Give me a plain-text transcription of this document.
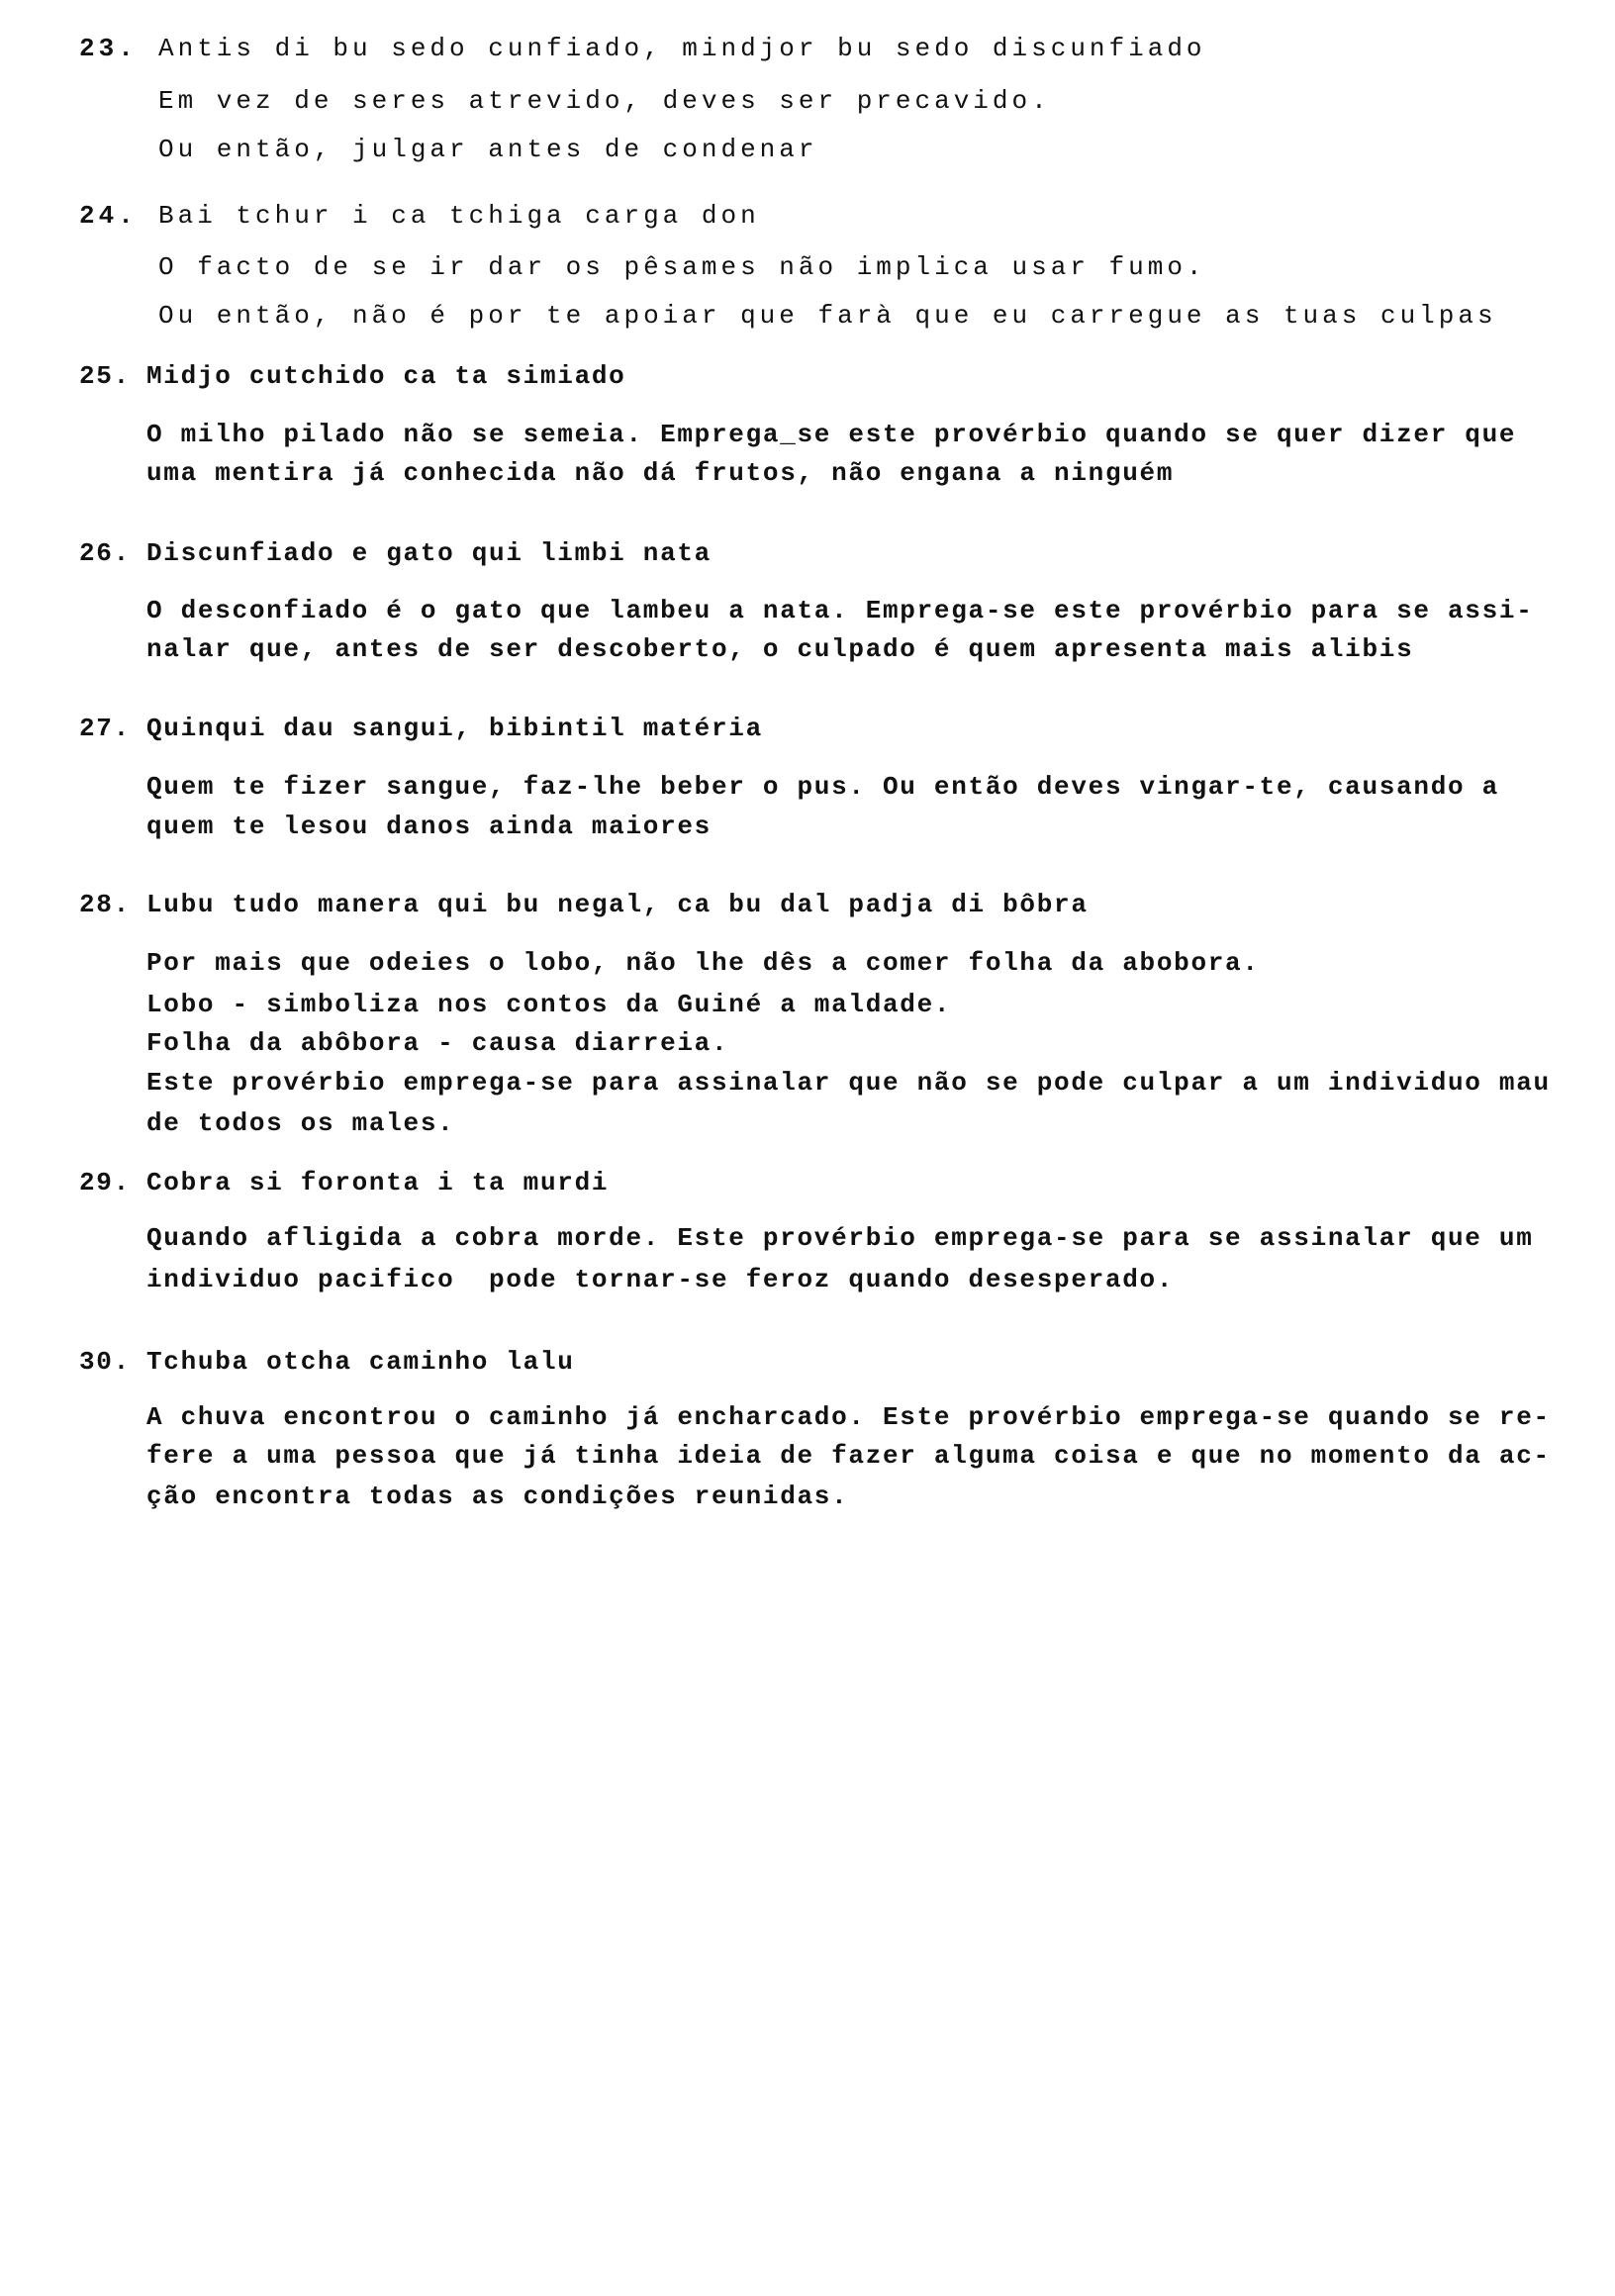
23. Antis di bu sedo cunfiado, mindjor bu sedo discunfiado
Em vez de seres atrevido, deves ser precavido.
Ou então, julgar antes de condenar
24. Bai tchur i ca tchiga carga don
O facto de se ir dar os pêsames não implica usar fumo.
Ou então, não é por te apoiar que farà que eu carregue as tuas culpas
25. Midjo cutchido ca ta simiado
O milho pilado não se semeia. Emprega_se este provérbio quando se quer dizer que
uma mentira já conhecida não dá frutos, não engana a ninguém
26. Discunfiado e gato qui limbi nata
O desconfiado é o gato que lambeu a nata. Emprega-se este provérbio para se assi-
nalar que, antes de ser descoberto, o culpado é quem apresenta mais alibis
27. Quinqui dau sangui, bibintil matéria
Quem te fizer sangue, faz-lhe beber o pus. Ou então deves vingar-te, causando a
quem te lesou danos ainda maiores
28. Lubu tudo manera qui bu negal, ca bu dal padja di bôbra
Por mais que odeies o lobo, não lhe dês a comer folha da abobora.
Lobo - simboliza nos contos da Guiné a maldade.
Folha da abôbora - causa diarreia.
Este provérbio emprega-se para assinalar que não se pode culpar a um individuo mau
de todos os males.
29. Cobra si foronta i ta murdi
Quando afligida a cobra morde. Este provérbio emprega-se para se assinalar que um
individuo pacifico  pode tornar-se feroz quando desesperado.
30. Tchuba otcha caminho lalu
A chuva encontrou o caminho já encharcado. Este provérbio emprega-se quando se re-
fere a uma pessoa que já tinha ideia de fazer alguma coisa e que no momento da ac-
ção encontra todas as condições reunidas.
